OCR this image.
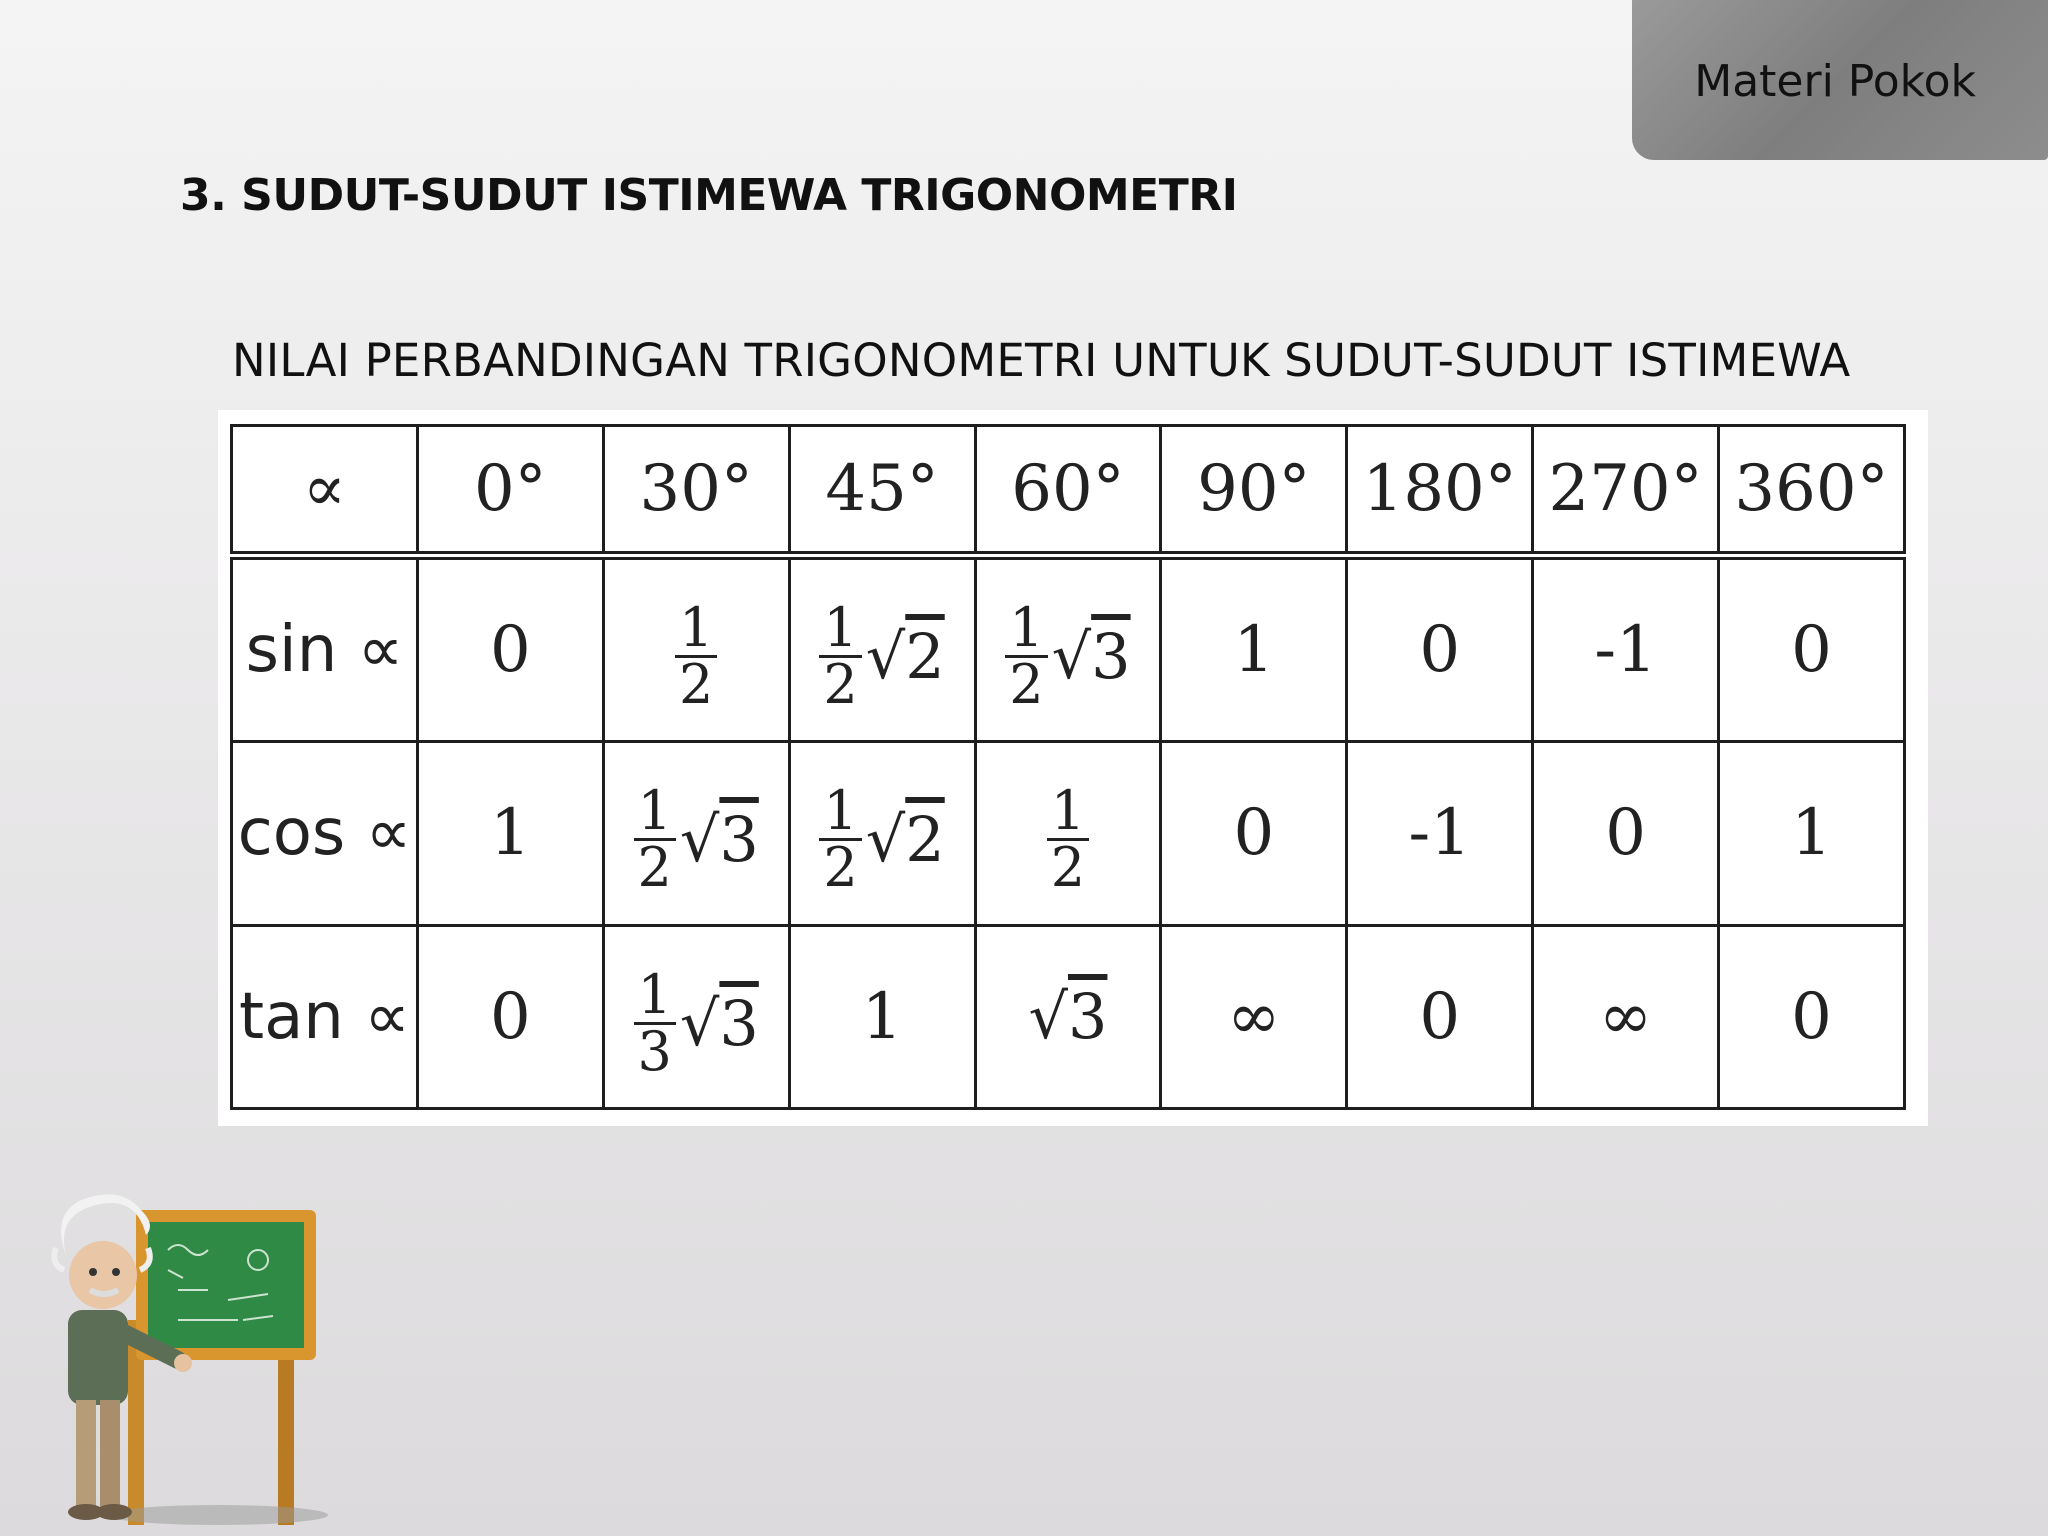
Materi Pokok
3. SUDUT-SUDUT ISTIMEWA TRIGONOMETRI
NILAI PERBANDINGAN TRIGONOMETRI UNTUK SUDUT-SUDUT ISTIMEWA
∝	0°	30°	45°	60°	90°	180°	270°	360°
sin ∝	0	$\frac{1}{2}$	$\frac{1}{2} √2$	$\frac{1}{2} √3$	1	0	-1	0
cos ∝	1	$\frac{1}{2} √3$	$\frac{1}{2} √2$	$\frac{1}{2}$	0	-1	0	1
tan ∝	0	$\frac{1}{3} √3$	1	√3	∞	0	∞	0
